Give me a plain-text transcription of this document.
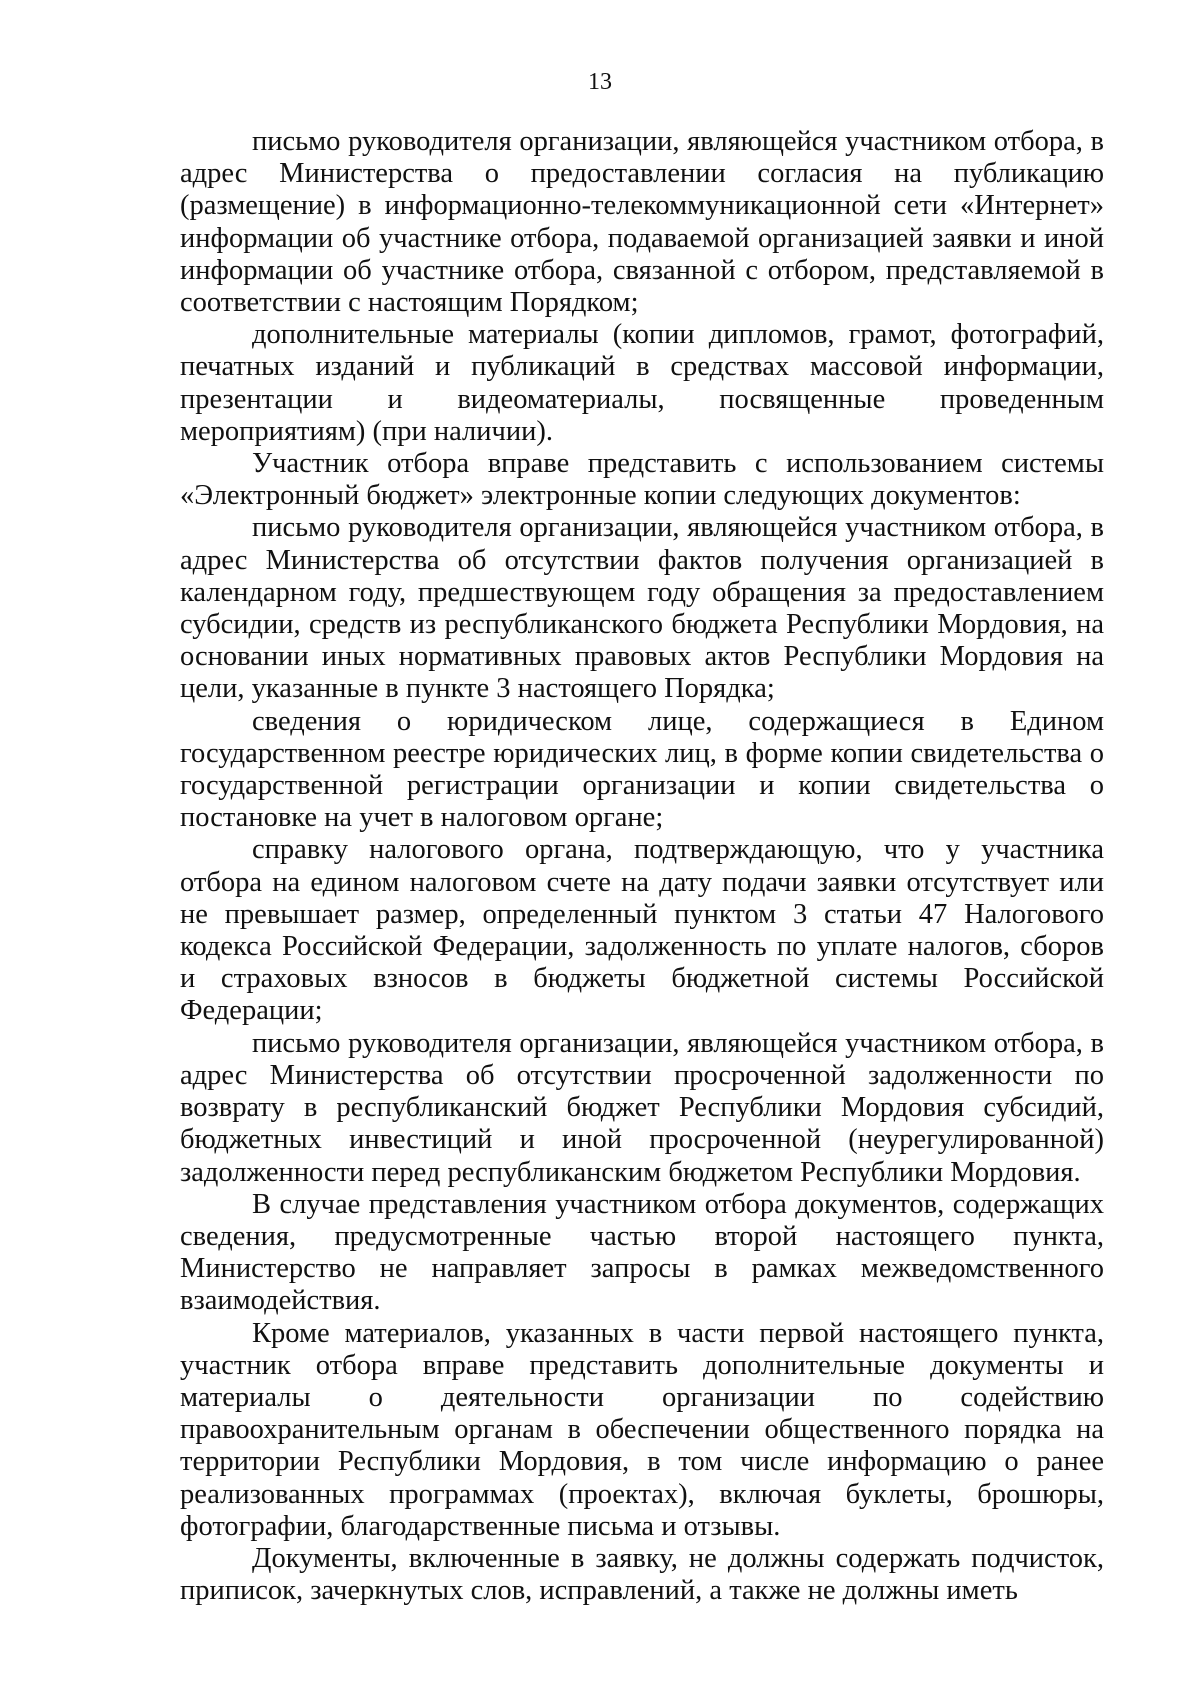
13

письмо руководителя организации, являющейся участником отбора, в адрес Министерства о предоставлении согласия на публикацию (размещение) в информационно-телекоммуникационной сети «Интернет» информации об участнике отбора, подаваемой организацией заявки и иной информации об участнике отбора, связанной с отбором, представляемой в соответствии с настоящим Порядком;

дополнительные материалы (копии дипломов, грамот, фотографий, печатных изданий и публикаций в средствах массовой информации, презентации и видеоматериалы, посвященные проведенным мероприятиям) (при наличии).

Участник отбора вправе представить с использованием системы «Электронный бюджет» электронные копии следующих документов:

письмо руководителя организации, являющейся участником отбора, в адрес Министерства об отсутствии фактов получения организацией в календарном году, предшествующем году обращения за предоставлением субсидии, средств из республиканского бюджета Республики Мордовия, на основании иных нормативных правовых актов Республики Мордовия на цели, указанные в пункте 3 настоящего Порядка;

сведения о юридическом лице, содержащиеся в Едином государственном реестре юридических лиц, в форме копии свидетельства о государственной регистрации организации и копии свидетельства о постановке на учет в налоговом органе;

справку налогового органа, подтверждающую, что у участника отбора на едином налоговом счете на дату подачи заявки отсутствует или не превышает размер, определенный пунктом 3 статьи 47 Налогового кодекса Российской Федерации, задолженность по уплате налогов, сборов и страховых взносов в бюджеты бюджетной системы Российской Федерации;

письмо руководителя организации, являющейся участником отбора, в адрес Министерства об отсутствии просроченной задолженности по возврату в республиканский бюджет Республики Мордовия субсидий, бюджетных инвестиций и иной просроченной (неурегулированной) задолженности перед республиканским бюджетом Республики Мордовия.

В случае представления участником отбора документов, содержащих сведения, предусмотренные частью второй настоящего пункта, Министерство не направляет запросы в рамках межведомственного взаимодействия.

Кроме материалов, указанных в части первой настоящего пункта, участник отбора вправе представить дополнительные документы и материалы о деятельности организации по содействию правоохранительным органам в обеспечении общественного порядка на территории Республики Мордовия, в том числе информацию о ранее реализованных программах (проектах), включая буклеты, брошюры, фотографии, благодарственные письма и отзывы.

Документы, включенные в заявку, не должны содержать подчисток, приписок, зачеркнутых слов, исправлений, а также не должны иметь
